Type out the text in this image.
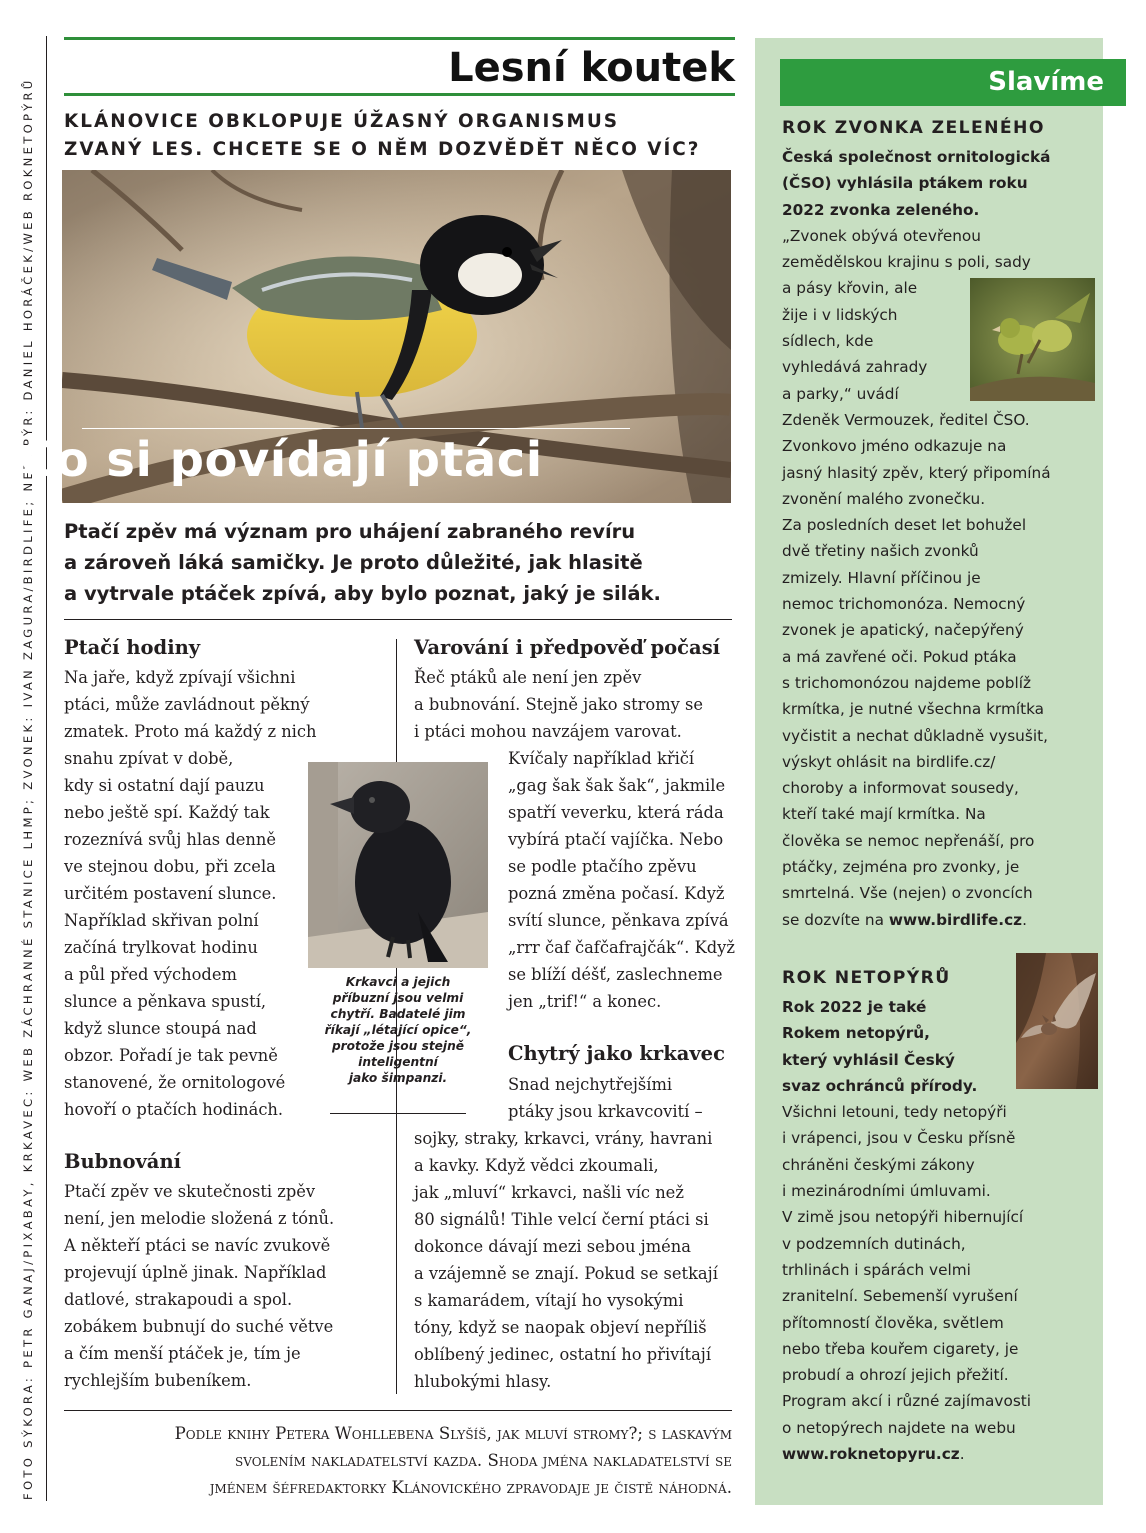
FOTO SÝKORA: PETR GANAJ/PIXABAY, KRKAVEC: WEB ZÁCHRANNÉ STANICE LHMP; ZVONEK: IVAN ZAGURA/BIRDLIFE; NETOPÝR: DANIEL HORÁČEK/WEB ROKNETOPÝRŮ
Lesní koutek
KLÁNOVICE OBKLOPUJE ÚŽASNÝ ORGANISMUS
ZVANÝ LES. CHCETE SE O NĚM DOZVĚDĚT NĚCO VÍC?
Co si povídají ptáci
Ptačí zpěv má význam pro uhájení zabraného revíru
a zároveň láká samičky. Je proto důležité, jak hlasitě
a vytrvale ptáček zpívá, aby bylo poznat, jaký je silák.
Ptačí hodiny
Na jaře, když zpívají všichni
ptáci, může zavládnout pěkný
zmatek. Proto má každý z nich
snahu zpívat v době,
kdy si ostatní dají pauzu
nebo ještě spí. Každý tak
rozeznívá svůj hlas denně
ve stejnou dobu, při zcela
určitém postavení slunce.
Například skřivan polní
začíná trylkovat hodinu
a půl před východem
slunce a pěnkava spustí,
když slunce stoupá nad
obzor. Pořadí je tak pevně
stanovené, že ornitologové
hovoří o ptačích hodinách.
Bubnování
Ptačí zpěv ve skutečnosti zpěv
není, jen melodie složená z tónů.
A někteří ptáci se navíc zvukově
projevují úplně jinak. Například
datlové, strakapoudi a spol.
zobákem bubnují do suché větve
a čím menší ptáček je, tím je
rychlejším bubeníkem.
Krkavci a jejich
příbuzní jsou velmi
chytří. Badatelé jim
říkají „létající opice“,
protože jsou stejně
inteligentní
jako šimpanzi.
Varování i předpověď počasí
Řeč ptáků ale není jen zpěv
a bubnování. Stejně jako stromy se
i ptáci mohou navzájem varovat.
Kvíčaly například křičí
„gag šak šak šak“, jakmile
spatří veverku, která ráda
vybírá ptačí vajíčka. Nebo
se podle ptačího zpěvu
pozná změna počasí. Když
svítí slunce, pěnkava zpívá
„rrr čaf čafčafrajčák“. Když
se blíží déšť, zaslechneme
jen „trif!“ a konec.
Chytrý jako krkavec
Snad nejchytřejšími
ptáky jsou krkavcovití –
sojky, straky, krkavci, vrány, havrani
a kavky. Když vědci zkoumali,
jak „mluví“ krkavci, našli víc než
80 signálů! Tihle velcí černí ptáci si
dokonce dávají mezi sebou jména
a vzájemně se znají. Pokud se setkají
s kamarádem, vítají ho vysokými
tóny, když se naopak objeví nepříliš
oblíbený jedinec, ostatní ho přivítají
hlubokými hlasy.
Podle knihy Petera Wohllebena Slyšíš, jak mluví stromy?; s laskavým
svolením nakladatelství kazda. Shoda jména nakladatelství se
jménem šéfredaktorky Klánovického zpravodaje je čistě náhodná.
Slavíme
ROK ZVONKA ZELENÉHO
Česká společnost ornitologická
(ČSO) vyhlásila ptákem roku
2022 zvonka zeleného.
„Zvonek obývá otevřenou
zemědělskou krajinu s poli, sady
a pásy křovin, ale
žije i v lidských
sídlech, kde
vyhledává zahrady
a parky,“ uvádí
Zdeněk Vermouzek, ředitel ČSO.
Zvonkovo jméno odkazuje na
jasný hlasitý zpěv, který připomíná
zvonění malého zvonečku.
Za posledních deset let bohužel
dvě třetiny našich zvonků
zmizely. Hlavní příčinou je
nemoc trichomonóza. Nemocný
zvonek je apatický, načepýřený
a má zavřené oči. Pokud ptáka
s trichomonózou najdeme poblíž
krmítka, je nutné všechna krmítka
vyčistit a nechat důkladně vysušit,
výskyt ohlásit na birdlife.cz/
choroby a informovat sousedy,
kteří také mají krmítka. Na
člověka se nemoc nepřenáší, pro
ptáčky, zejména pro zvonky, je
smrtelná. Vše (nejen) o zvoncích
se dozvíte na www.birdlife.cz.
ROK NETOPÝRŮ
Rok 2022 je také
Rokem netopýrů,
který vyhlásil Český
svaz ochránců přírody.
Všichni letouni, tedy netopýři
i vrápenci, jsou v Česku přísně
chráněni českými zákony
i mezinárodními úmluvami.
V zimě jsou netopýři hibernující
v podzemních dutinách,
trhlinách i spárách velmi
zranitelní. Sebemenší vyrušení
přítomností člověka, světlem
nebo třeba kouřem cigarety, je
probudí a ohrozí jejich přežití.
Program akcí i různé zajímavosti
o netopýrech najdete na webu
www.roknetopyru.cz.
